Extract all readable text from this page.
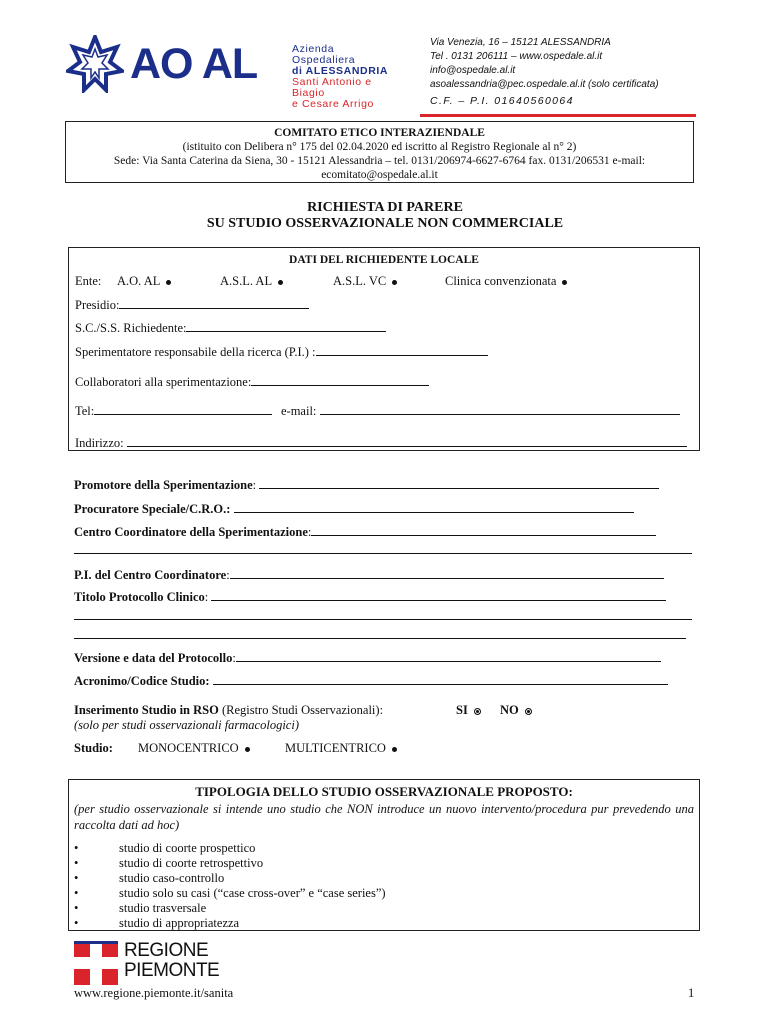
AO AL	Azienda Ospedaliera
di ALESSANDRIA
Santi Antonio e Biagio
e Cesare Arrigo
Via Venezia, 16 – 15121 ALESSANDRIA
Tel . 0131 206111 – www.ospedale.al.it
info@ospedale.al.it
asoalessandria@pec.ospedale.al.it (solo certificata)
C.F. – P.I. 01640560064
COMITATO ETICO INTERAZIENDALE
(istituito con Delibera n° 175 del 02.04.2020 ed iscritto al Registro Regionale al n° 2)
Sede: Via Santa Caterina da Siena, 30 - 15121 Alessandria – tel. 0131/206974-6627-6764 fax. 0131/206531 e-mail:
ecomitato@ospedale.al.it
RICHIESTA DI PARERE
SU STUDIO OSSERVAZIONALE NON COMMERCIALE
DATI DEL RICHIEDENTE LOCALE
Ente: A.O. AL	A.S.L. AL	A.S.L. VC	Clinica convenzionata
Presidio:
S.C./S.S. Richiedente:
Sperimentatore responsabile della ricerca (P.I.) :
Collaboratori alla sperimentazione:
Tel:	e-mail:
Indirizzo:
Promotore della Sperimentazione:
Procuratore Speciale/C.R.O.:
Centro Coordinatore della Sperimentazione:
P.I. del Centro Coordinatore:
Titolo Protocollo Clinico:
Versione e data del Protocollo:
Acronimo/Codice Studio:
Inserimento Studio in RSO (Registro Studi Osservazionali):
(solo per studi osservazionali farmacologici)
SI	NO
Studio: MONOCENTRICO	MULTICENTRICO
TIPOLOGIA DELLO STUDIO OSSERVAZIONALE PROPOSTO:
(per studio osservazionale si intende uno studio che NON introduce un nuovo intervento/procedura pur prevedendo una raccolta dati ad hoc)
• studio di coorte prospettico
• studio di coorte retrospettivo
• studio caso-controllo
• studio solo su casi (“case cross-over” e “case series”)
• studio trasversale
• studio di appropriatezza
REGIONE
PIEMONTE
www.regione.piemonte.it/sanita	1
